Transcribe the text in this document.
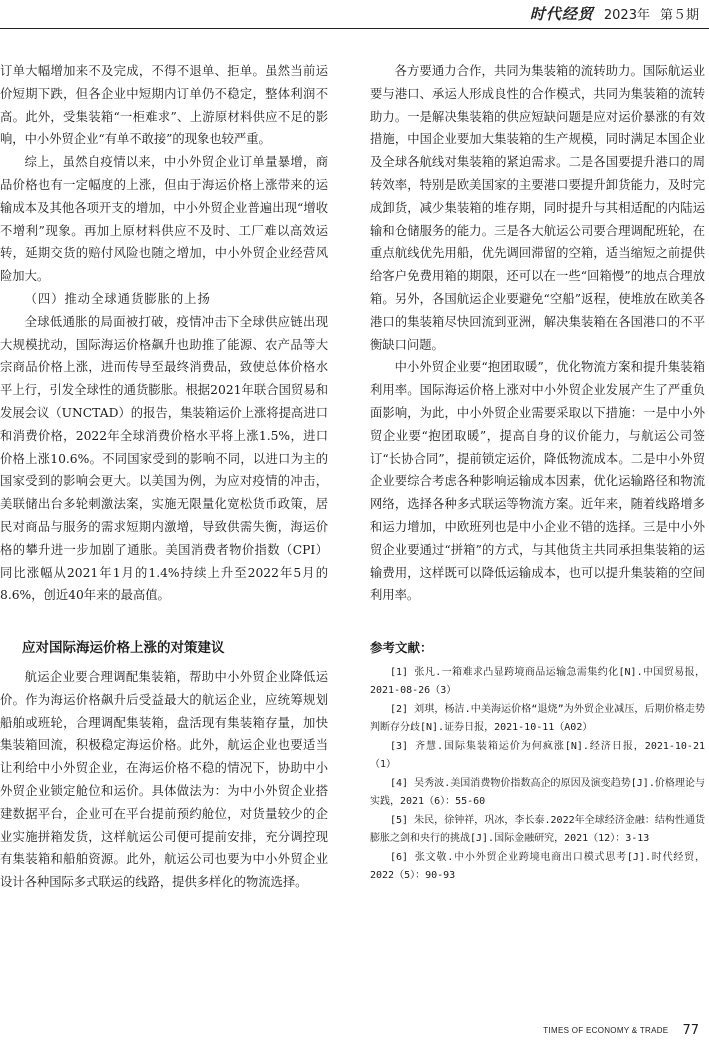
时代经贸 2023年 第５期

订单大幅增加来不及完成，不得不退单、拒单。虽然当前运价短期下跌，但各企业中短期内订单仍不稳定，整体利润不高。此外，受集装箱“一柜难求”、上游原材料供应不足的影响，中小外贸企业“有单不敢接”的现象也较严重。

综上，虽然自疫情以来，中小外贸企业订单量暴增，商品价格也有一定幅度的上涨，但由于海运价格上涨带来的运输成本及其他各项开支的增加，中小外贸企业普遍出现“增收不增利”现象。再加上原材料供应不及时、工厂难以高效运转，延期交货的赔付风险也随之增加，中小外贸企业经营风险加大。

（四）推动全球通货膨胀的上扬

全球低通胀的局面被打破，疫情冲击下全球供应链出现大规模扰动，国际海运价格飙升也助推了能源、农产品等大宗商品价格上涨，进而传导至最终消费品，致使总体价格水平上行，引发全球性的通货膨胀。根据2021年联合国贸易和发展会议（UNCTAD）的报告，集装箱运价上涨将提高进口和消费价格，2022年全球消费价格水平将上涨1.5%，进口价格上涨10.6%。不同国家受到的影响不同，以进口为主的国家受到的影响会更大。以美国为例，为应对疫情的冲击，美联储出台多轮刺激法案，实施无限量化宽松货币政策，居民对商品与服务的需求短期内激增，导致供需失衡，海运价格的攀升进一步加剧了通胀。美国消费者物价指数（CPI）同比涨幅从2021年1月的1.4%持续上升至2022年5月的8.6%，创近40年来的最高值。

应对国际海运价格上涨的对策建议

航运企业要合理调配集装箱，帮助中小外贸企业降低运价。作为海运价格飙升后受益最大的航运企业，应统筹规划船舶或班轮，合理调配集装箱，盘活现有集装箱存量，加快集装箱回流，积极稳定海运价格。此外，航运企业也要适当让利给中小外贸企业，在海运价格不稳的情况下，协助中小外贸企业锁定舱位和运价。具体做法为：为中小外贸企业搭建数据平台，企业可在平台提前预约舱位，对货量较少的企业实施拼箱发货，这样航运公司便可提前安排，充分调控现有集装箱和船舶资源。此外，航运公司也要为中小外贸企业设计各种国际多式联运的线路，提供多样化的物流选择。

各方要通力合作，共同为集装箱的流转助力。国际航运业要与港口、承运人形成良性的合作模式，共同为集装箱的流转助力。一是解决集装箱的供应短缺问题是应对运价暴涨的有效措施，中国企业要加大集装箱的生产规模，同时满足本国企业及全球各航线对集装箱的紧迫需求。二是各国要提升港口的周转效率，特别是欧美国家的主要港口要提升卸货能力，及时完成卸货，减少集装箱的堆存期，同时提升与其相适配的内陆运输和仓储服务的能力。三是各大航运公司要合理调配班轮，在重点航线优先用船，优先调回滞留的空箱，适当缩短之前提供给客户免费用箱的期限，还可以在一些“回箱慢”的地点合理放箱。另外，各国航运企业要避免“空船”返程，使堆放在欧美各港口的集装箱尽快回流到亚洲，解决集装箱在各国港口的不平衡缺口问题。

中小外贸企业要“抱团取暖”，优化物流方案和提升集装箱利用率。国际海运价格上涨对中小外贸企业发展产生了严重负面影响，为此，中小外贸企业需要采取以下措施：一是中小外贸企业要“抱团取暖”，提高自身的议价能力，与航运公司签订“长协合同”，提前锁定运价，降低物流成本。二是中小外贸企业要综合考虑各种影响运输成本因素，优化运输路径和物流网络，选择各种多式联运等物流方案。近年来，随着线路增多和运力增加，中欧班列也是中小企业不错的选择。三是中小外贸企业要通过“拼箱”的方式，与其他货主共同承担集装箱的运输费用，这样既可以降低运输成本，也可以提升集装箱的空间利用率。

参考文献：

[1] 张凡.一箱难求凸显跨境商品运输急需集约化[N].中国贸易报，2021-08-26（3）

[2] 刘琪，杨洁.中美海运价格“退烧”为外贸企业减压，后期价格走势判断存分歧[N].证券日报，2021-10-11（A02）

[3] 齐慧.国际集装箱运价为何疯涨[N].经济日报，2021-10-21（1）

[4] 吴秀波.美国消费物价指数高企的原因及演变趋势[J].价格理论与实践，2021（6）：55-60

[5] 朱民，徐钟祥，巩冰，李长泰.2022年全球经济金融：结构性通货膨胀之剑和央行的挑战[J].国际金融研究，2021（12）：3-13

[6] 张文敬.中小外贸企业跨境电商出口模式思考[J].时代经贸，2022（5）：90-93

TIMES OF ECONOMY & TRADE 77
